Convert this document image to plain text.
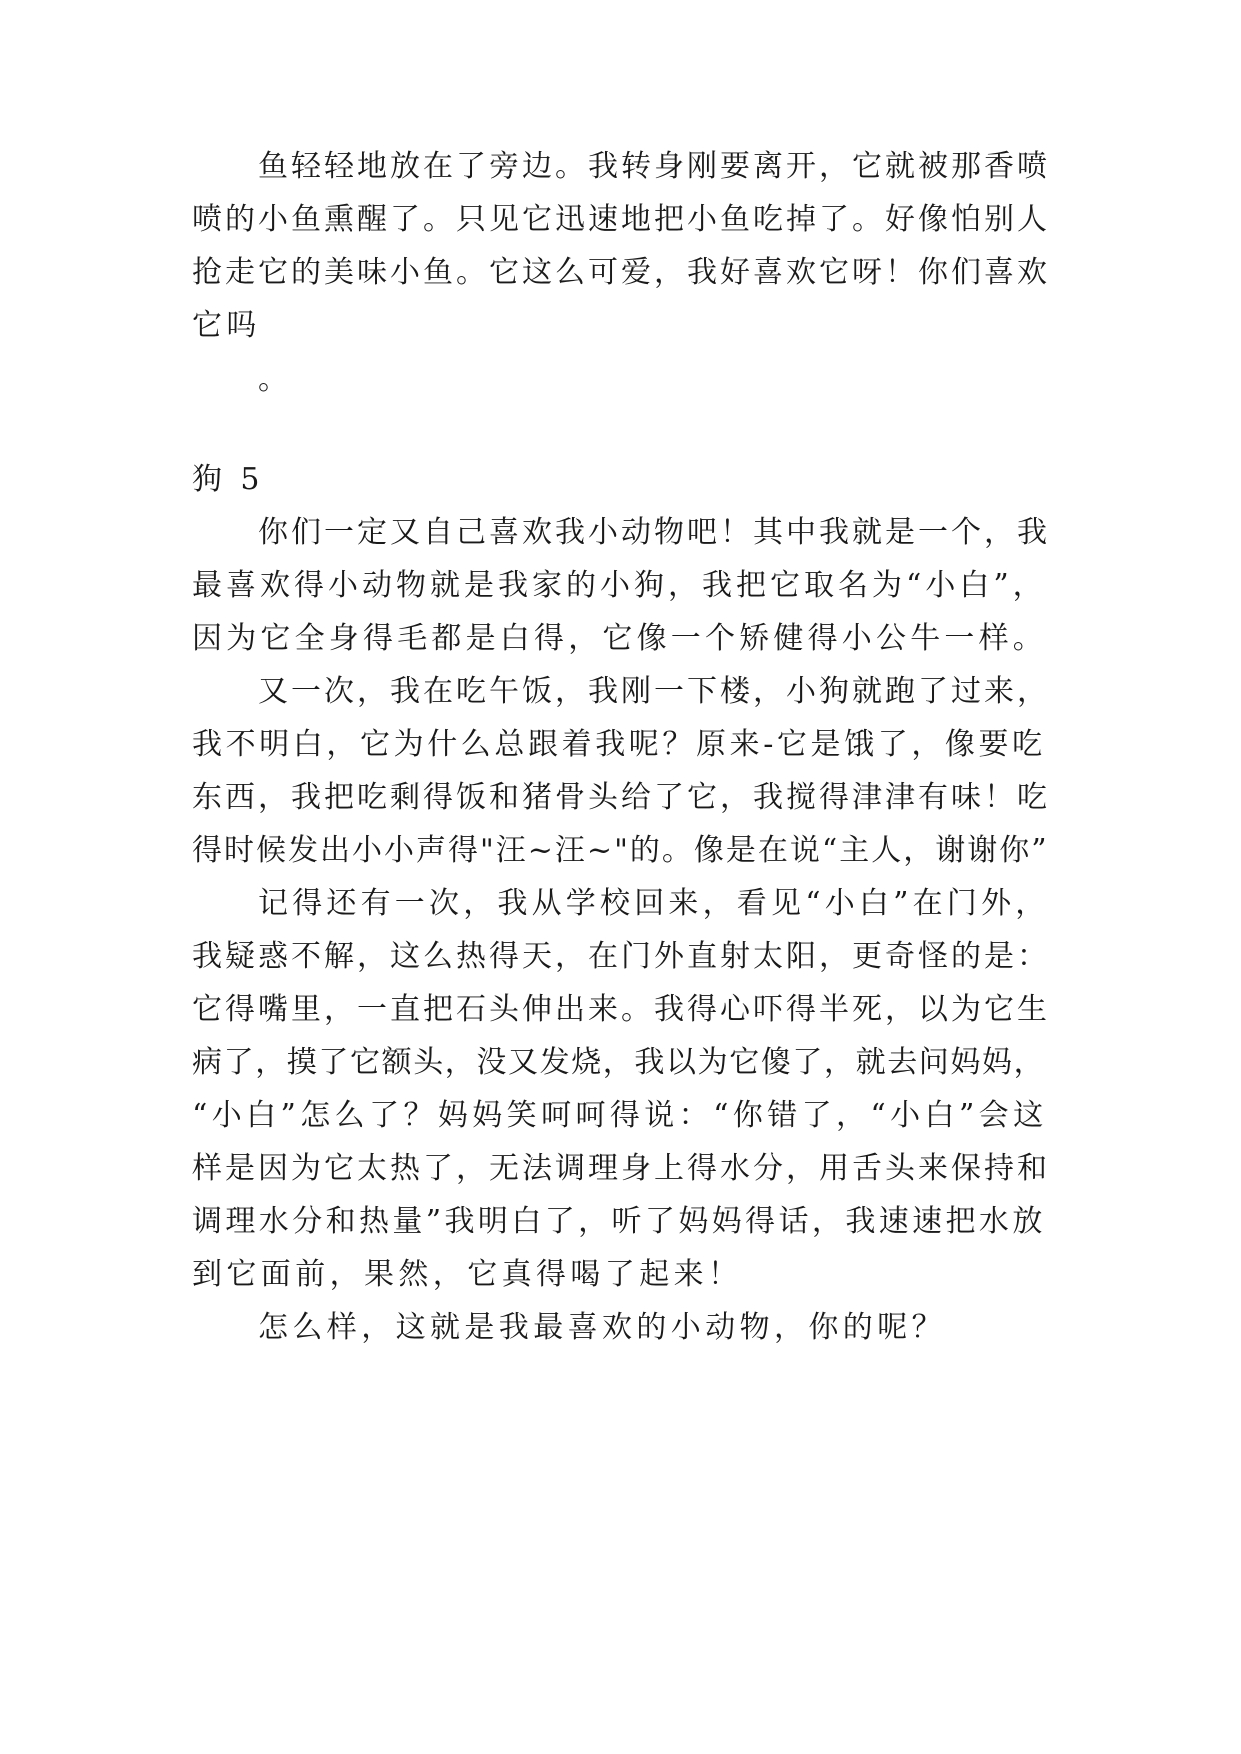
鱼轻轻地放在了旁边。我转身刚要离开，它就被那香喷
喷的小鱼熏醒了。只见它迅速地把小鱼吃掉了。好像怕别人
抢走它的美味小鱼。它这么可爱，我好喜欢它呀！你们喜欢
它吗
。
狗 5
你们一定又自己喜欢我小动物吧！其中我就是一个，我
最喜欢得小动物就是我家的小狗，我把它取名为“小白”，
因为它全身得毛都是白得，它像一个矫健得小公牛一样。
又一次，我在吃午饭，我刚一下楼，小狗就跑了过来，
我不明白，它为什么总跟着我呢？原来-它是饿了，像要吃
东西，我把吃剩得饭和猪骨头给了它，我搅得津津有味！吃
得时候发出小小声得"汪~汪~"的。像是在说“主人，谢谢你”
记得还有一次，我从学校回来，看见“小白”在门外，
我疑惑不解，这么热得天，在门外直射太阳，更奇怪的是：
它得嘴里，一直把石头伸出来。我得心吓得半死，以为它生
病了，摸了它额头，没又发烧，我以为它傻了，就去问妈妈，
“小白”怎么了？妈妈笑呵呵得说：“你错了，“小白”会这
样是因为它太热了，无法调理身上得水分，用舌头来保持和
调理水分和热量”我明白了，听了妈妈得话，我速速把水放
到它面前，果然，它真得喝了起来！
怎么样，这就是我最喜欢的小动物，你的呢？
